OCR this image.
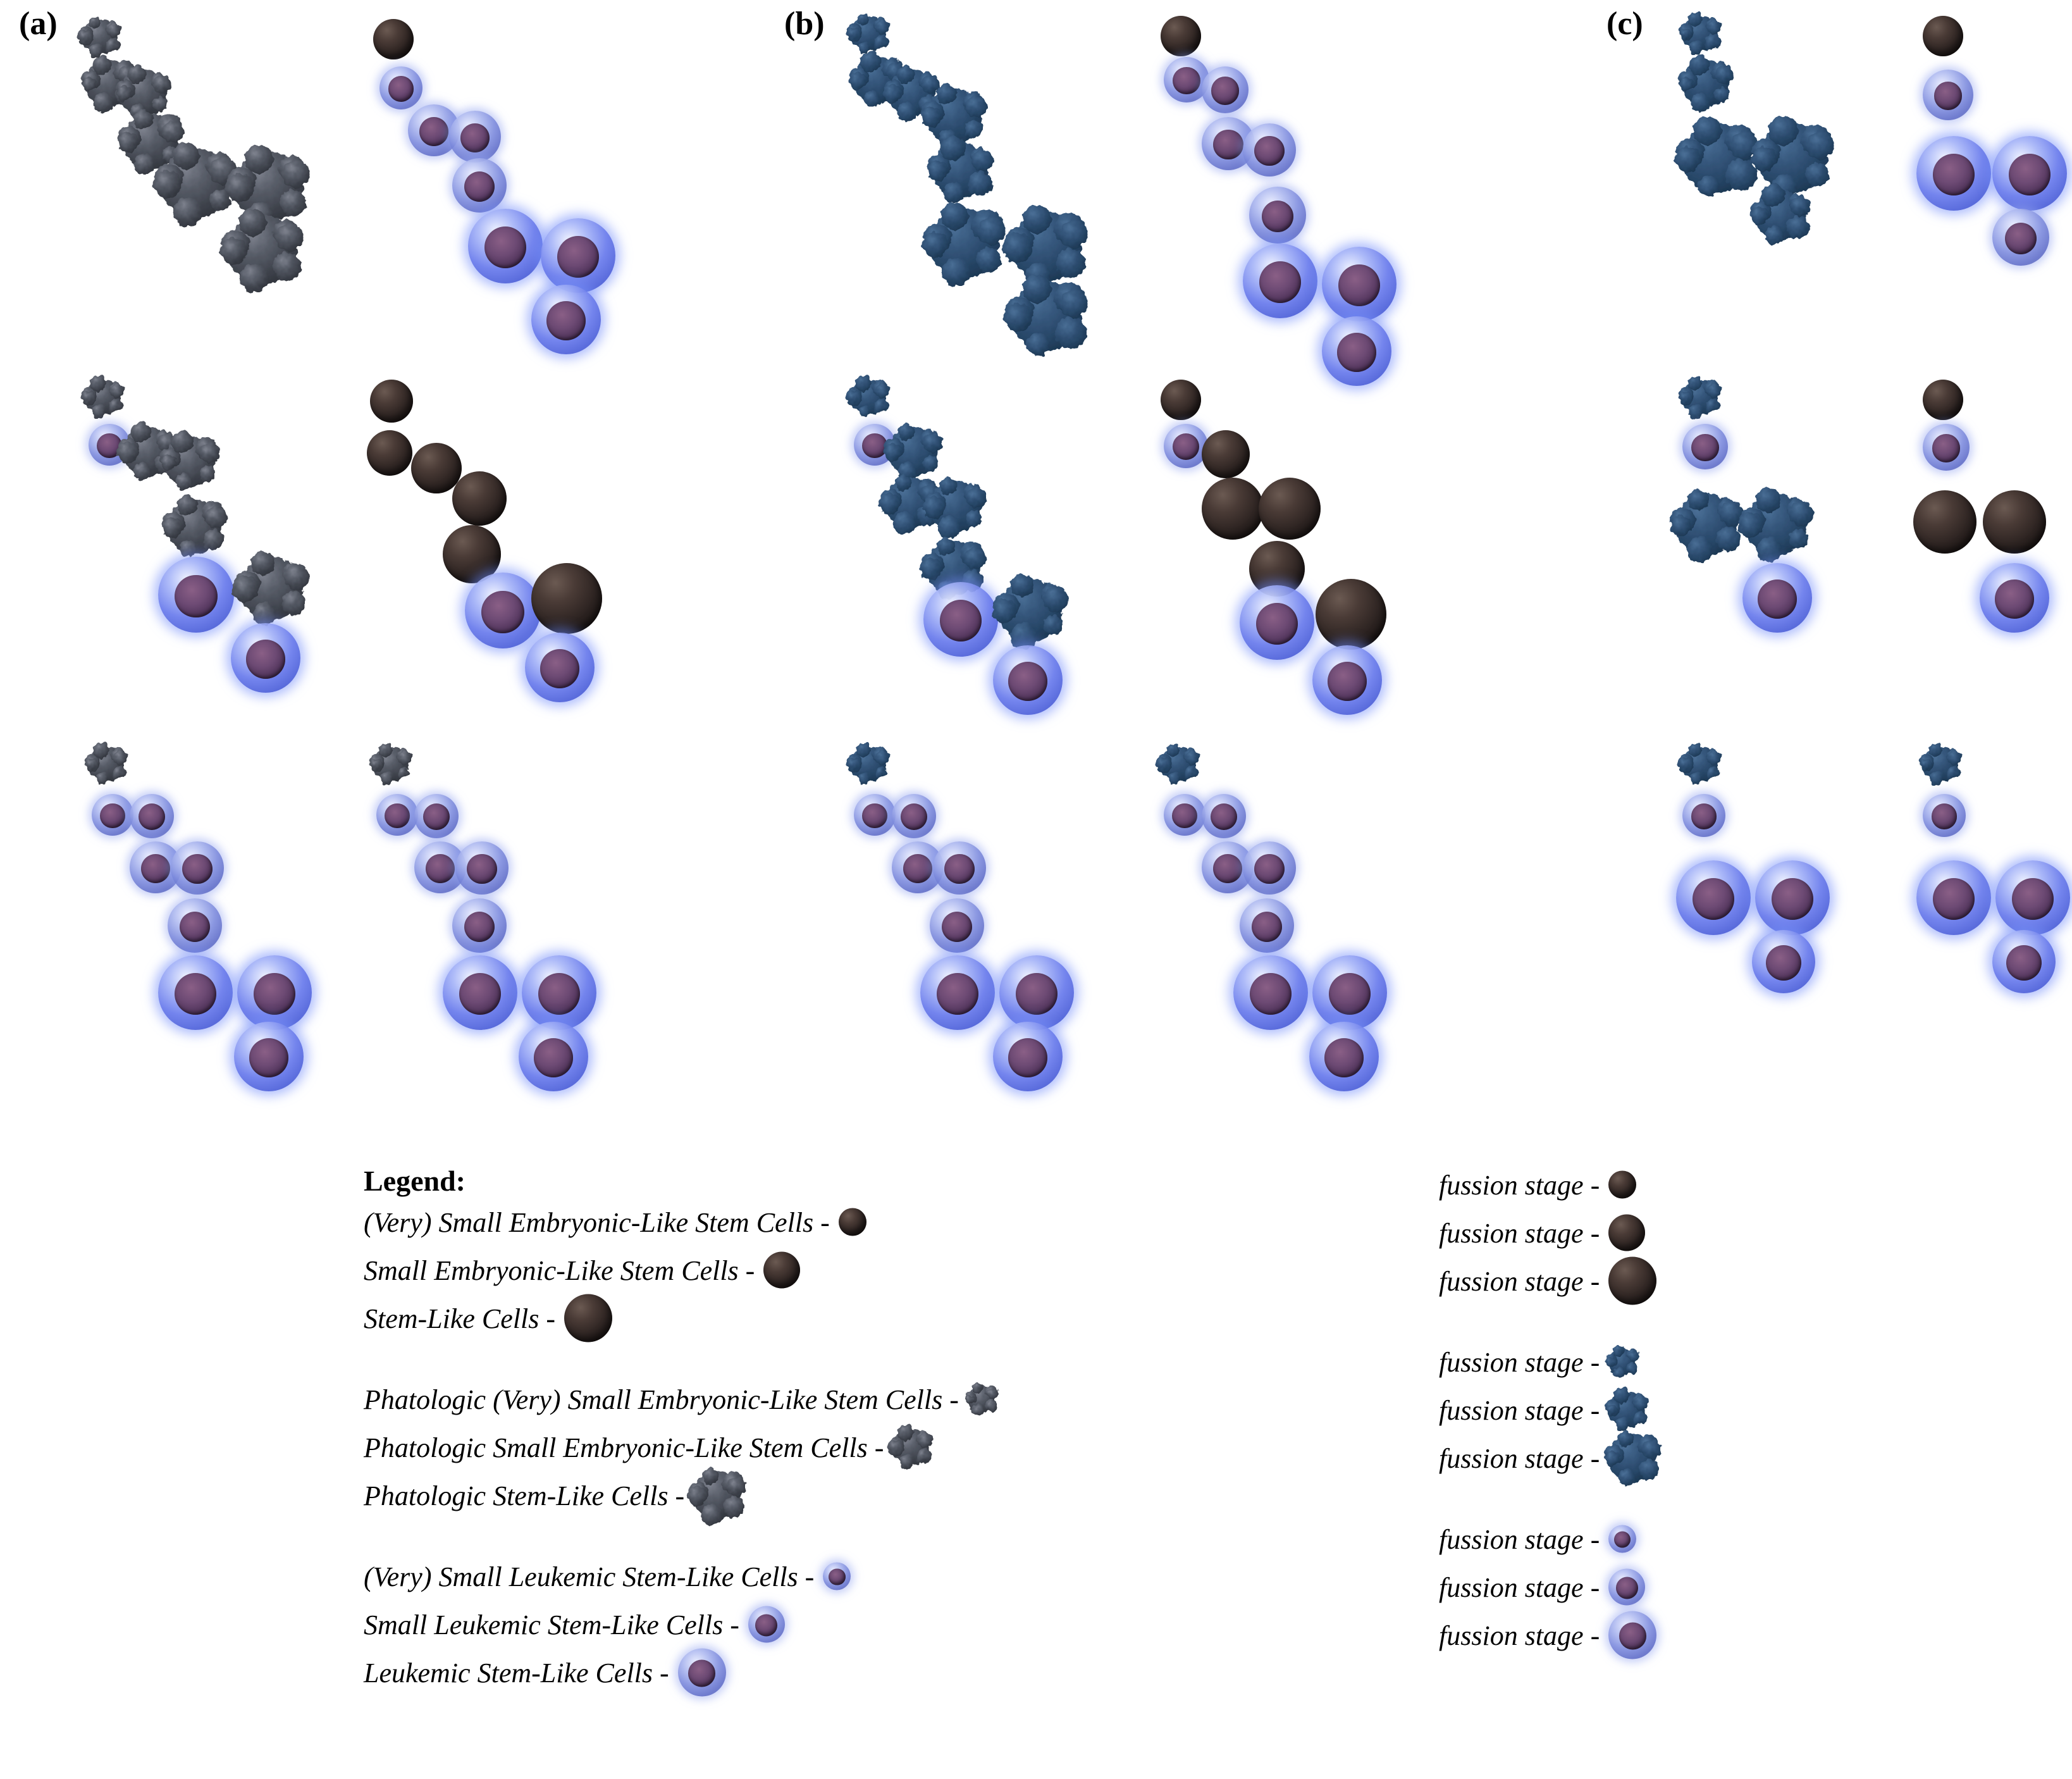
(a)	(b)	(c)
Legend:
(Very) Small Embryonic-Like Stem Cells -
Small Embryonic-Like Stem Cells -
Stem-Like Cells -
Phatologic (Very) Small Embryonic-Like Stem Cells -
Phatologic Small Embryonic-Like Stem Cells -
Phatologic Stem-Like Cells -
(Very) Small Leukemic Stem-Like Cells -
Small Leukemic Stem-Like Cells -
Leukemic Stem-Like Cells -
fussion stage -
fussion stage -
fussion stage -
fussion stage -
fussion stage -
fussion stage -
fussion stage -
fussion stage -
fussion stage -
